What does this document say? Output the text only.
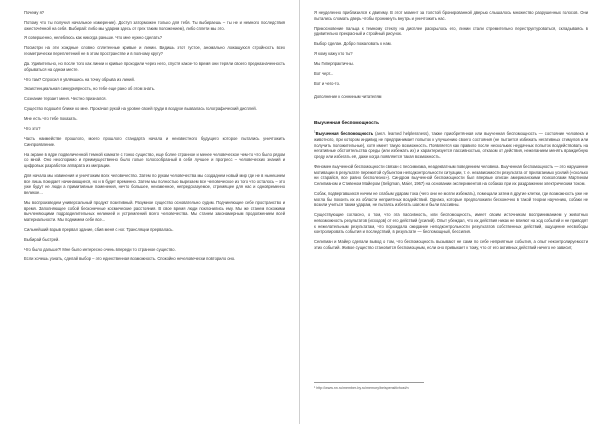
Почему я?

Потому что ты получил начальное измерение). Доступ заторможен только для тебя. Ты выбираешь – ты не и немного последствия ожесточённой на себя. Выбирай: либо мы ударим здесь от грех таким положением), либо сплети мы это.

Я совершенно, нелеблюсь как никогда раньше. Что мне нужно сделать?

Посмотри на эти хождные словно сплетенные кривые и линии. Видишь этот густое, аномально ложащуюся стройность всех геометрически переплетений не в этом пространстве и в полному кругу?

Да. Удивительно, но после того как линии и кривые проходили через него, спустя какое-то время они теряли своего предназначенность обрываться на одном месте.

Что там? Спросил я увлёкшись на точку обрыва из линий.

Экзистенциальная синкуриярность, но тебе еще рано об этом знать.

Сознание терзает меня. Честно признался.

Существо подошёл ближе ко мне. Прокачал рукой на уровне своей груди в воздухе вызвалась голографический дисплей.

Мне есть что тебе показать.

Что это?

Часть наимействе прошлого, моего прошлого стандарта начала и неизвестного будущего которое пытались уничтожить Синпроявление.

На экране в ядре подвеличенной темной комнате с тонко существо, еще более странное и менее человеческое чем-то что было рядом со мной. Оно неоспоримо и преимущественно было голые голосообразный в себя лучшее и прогресс – человеческих знаний и цифровых разработок аппарата из миграции.

Для начала мы извинения и уничтожим всех человечество. Затем по рукам человечества мы создаднем новый мир где не в нынешнем все лишь покидает начинающиеся, но и в будет временно. Затем мы полностью вырезаем все человеческое из того что осталось – это уже будут не люди а примитивные поменения, нечто большее, неизменное, непредсказуемое, стремящее для нас и одновременно великое...

Мы воспроизведем универсальный продукт позитивный. Разумное существо основательно судим. Подчиняющее себе пространство и время. Заполняющее собой бесконечные космические расстояния. В свое время люди поклонились ему. Мы же станем похожими вычленяющими подразделительных нелинией и устремлений всего человечества. Мы станем законамерным продолжением всей материальности. Мы поднимем себе все...

Сильнейший взрыв прервал здание, сбив меня с ног. Трансляции прервалась.

Выбирай быстрей.

Что было дальше?! Мне было интересно очень впереди то странное существо.

Если хочешь узнать, сделай выбор – это единственная возможность. Спокойно нечеловечески повторило оно.

Я неуделенно приблизился к двигиму. В этот момент за толстой бронированной дверью слышалось множество разрушенных голосов. Они пытались сломать дверь чтобы проникнуть внутрь и уничтожить нас.

Прикосновение пальца к темному стеклу на дисплее раскрылось его, линии стали стремительно переструктуроваться, складываясь в удивительно прекрасный и стройный рисунок.

Выбор сделан. Добро пожаловать к нам.

Я кому кажу кто ты?

Мы Гиперпрактичны.

Вот черт...

Вот и чего-то.

Дополнение к сонниным читателям

Выученная беспомощность

$^1$Выученная беспомощность (англ. learned helplessness), также приобретённая или выученная беспомощность — состояние человека и животного, при котором индивид не предпринимает попыток к улучшению своего состояния (не пытается избежать негативных стимулов или получить положительные), хотя имеет такую возможность. Появляется как правило после нескольких неудачных попыток воздействовать на негативные обстоятельства среды (или избежать их) и характеризуется пассивностью, отказом от действия, нежеланием менять враждебную среду или избегать её, даже когда появляется такая возможность.

Феномен выученной беспомощности связан с пессимизма, неадекватным поведением человека. Выученная беспомощность — это нарушение мотивации в результате пережитой субъектом неподконтрольности ситуации, т. е. независимости результата от прилагаемых усилий («сколько ни старайся, все равно бесполезно»). Синдром выученной беспомощности был впервые описан американскими психологами Мартином Селигманом и Стивеном Майером (Seligman, Maier, 1967) на основании экспериментов на собаках при их раздражении электрическим током.

Собак, подвергавшихся ничем не слабым ударам тока (чего они не могли избежать), помещали затем в другие клетки, где возможность уже не могла бы покоить их из области неприятных воздействий. Однако, которые предположили бесконечно в такой теории научению, собаки не возили учиться таким ударам, не пытаясь избегать шагом и были пассивны.

Существующие согласно, о том, что эта пассивность, или беспомощность, имеет своим источником восприниманием у животных невозможность результатов (исходов) от его действий (усилий). Опыт убеждал, что их действия никак не влияют на ход событий и не приводят к нежелательным результатам, что порождала ожидание неподконтрольности результатов собственных действий, ощущение несвободы контролировать события и последствий, в результате — беспомощный, бессилия.

Селигман и Майер сделали вывод о том, что беспомощность вызывают не сами по себе неприятные события, а опыт неконтролируемости этих событий. Живое существо становится беспомощным, если оно привыкает к тому, что от его активных действий ничего не зависит,

¹ http://www.nn.ru/member-by.ru/memory/beispensitivhost/n
